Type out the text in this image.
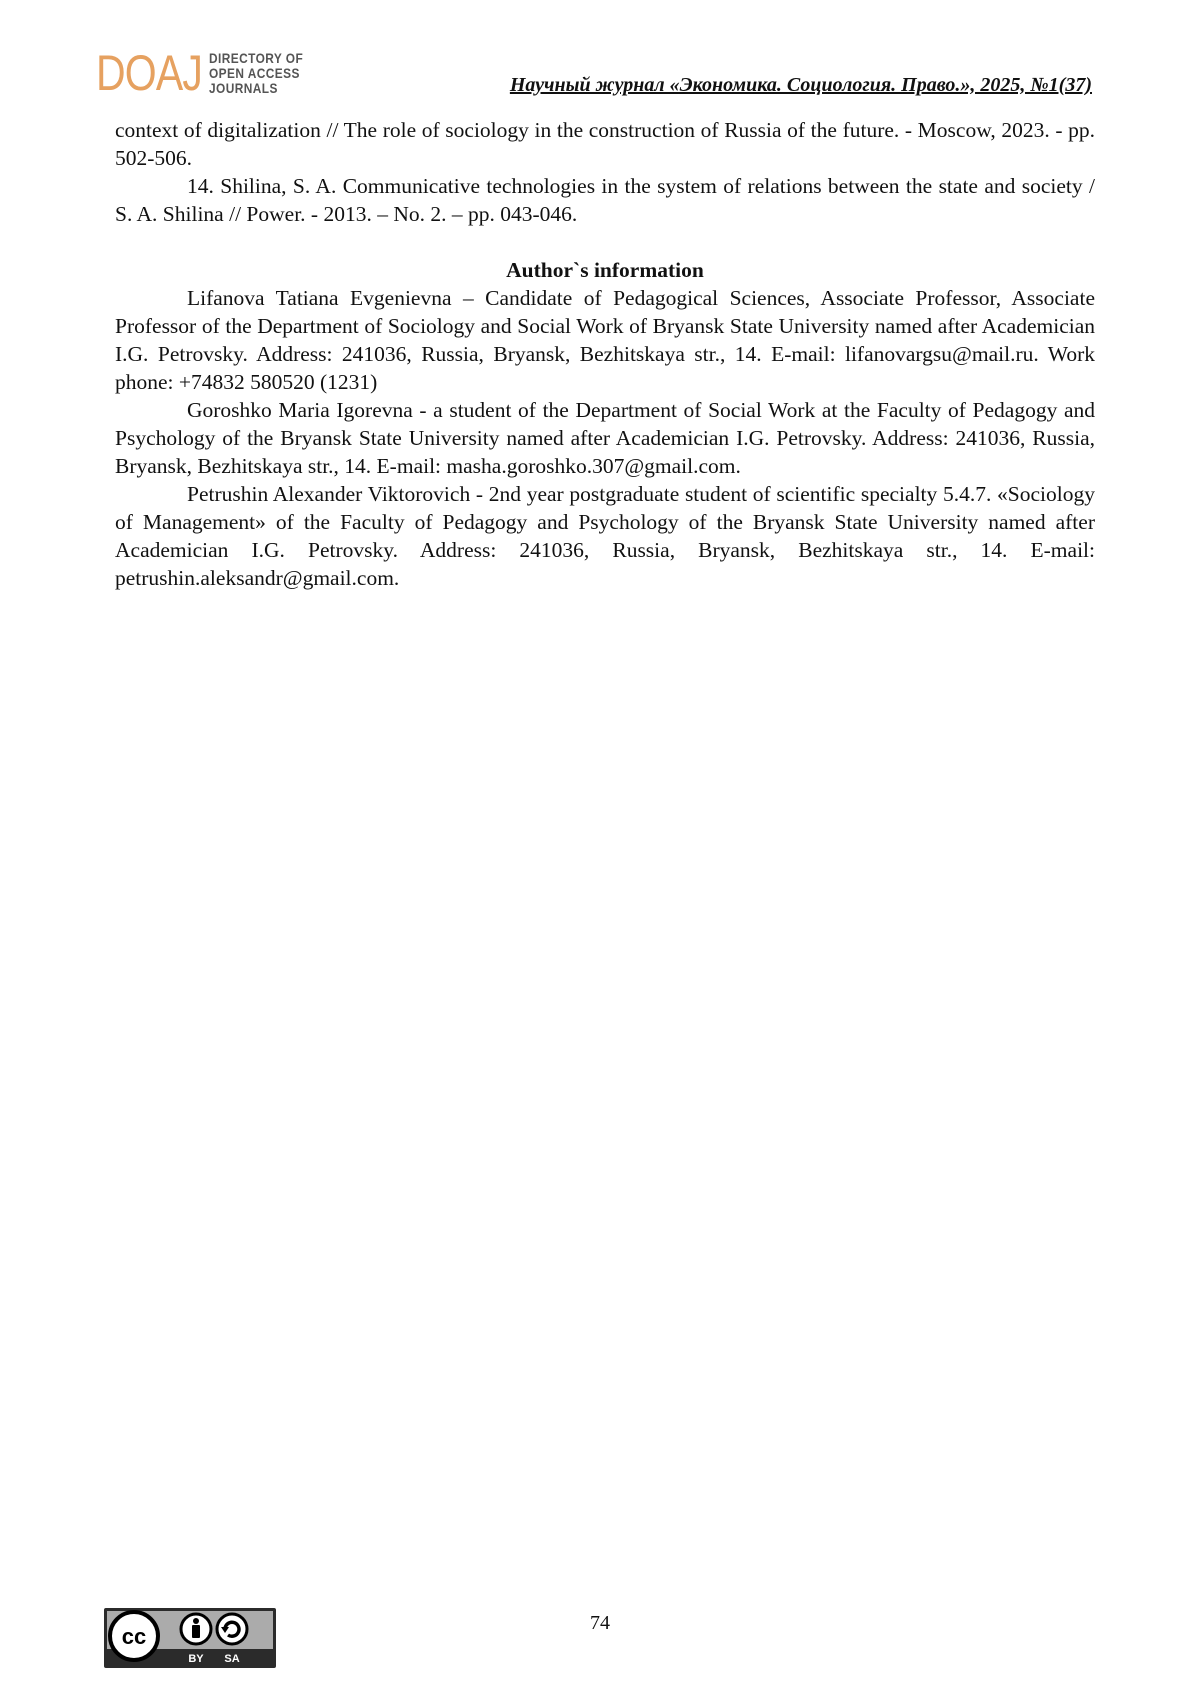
DOAJ DIRECTORY OF
OPEN ACCESS
JOURNALS	Научный журнал «Экономика. Социология. Право.», 2025, №1(37)

context of digitalization // The role of sociology in the construction of Russia of the future. - Moscow, 2023. - pp. 502-506.

14. Shilina, S. A. Communicative technologies in the system of relations between the state and society / S. A. Shilina // Power. - 2013. – No. 2. – pp. 043-046.

Author`s information

Lifanova Tatiana Evgenievna – Candidate of Pedagogical Sciences, Associate Professor, Associate Professor of the Department of Sociology and Social Work of Bryansk State University named after Academician I.G. Petrovsky. Address: 241036, Russia, Bryansk, Bezhitskaya str., 14. E-mail: lifanovargsu@mail.ru. Work phone: +74832 580520 (1231)

Goroshko Maria Igorevna - a student of the Department of Social Work at the Faculty of Pedagogy and Psychology of the Bryansk State University named after Academician I.G. Petrovsky. Address: 241036, Russia, Bryansk, Bezhitskaya str., 14. E-mail: masha.goroshko.307@gmail.com.

Petrushin Alexander Viktorovich - 2nd year postgraduate student of scientific specialty 5.4.7. «Sociology of Management» of the Faculty of Pedagogy and Psychology of the Bryansk State University named after Academician I.G. Petrovsky. Address: 241036, Russia, Bryansk, Bezhitskaya str., 14. E-mail: petrushin.aleksandr@gmail.com.

cc
BY SA
74
